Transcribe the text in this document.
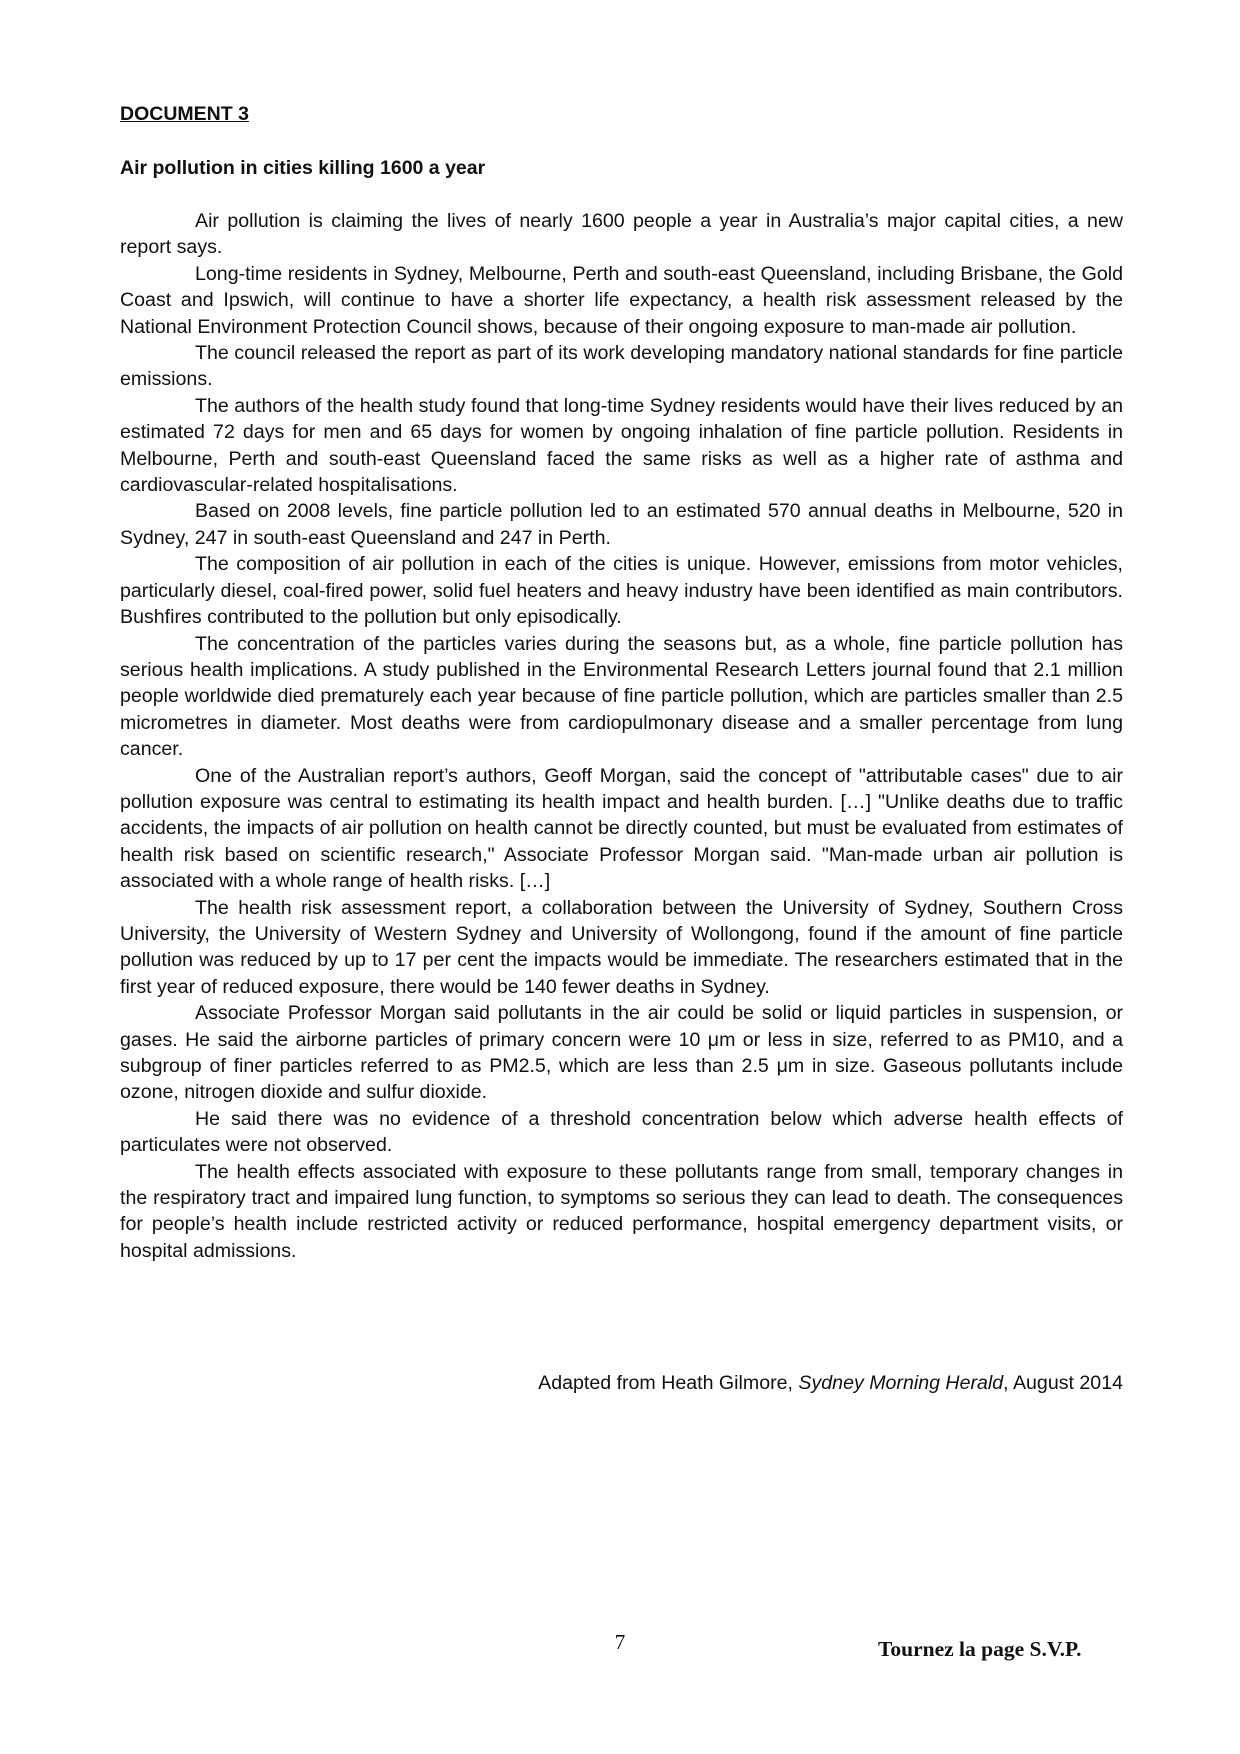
DOCUMENT 3
Air pollution in cities killing 1600 a year

Air pollution is claiming the lives of nearly 1600 people a year in Australia’s major capital cities, a new report says.

Long-time residents in Sydney, Melbourne, Perth and south-east Queensland, including Brisbane, the Gold Coast and Ipswich, will continue to have a shorter life expectancy, a health risk assessment released by the National Environment Protection Council shows, because of their ongoing exposure to man-made air pollution.

The council released the report as part of its work developing mandatory national standards for fine particle emissions.

The authors of the health study found that long-time Sydney residents would have their lives reduced by an estimated 72 days for men and 65 days for women by ongoing inhalation of fine particle pollution. Residents in Melbourne, Perth and south-east Queensland faced the same risks as well as a higher rate of asthma and cardiovascular-related hospitalisations.

Based on 2008 levels, fine particle pollution led to an estimated 570 annual deaths in Melbourne, 520 in Sydney, 247 in south-east Queensland and 247 in Perth.

The composition of air pollution in each of the cities is unique. However, emissions from motor vehicles, particularly diesel, coal-fired power, solid fuel heaters and heavy industry have been identified as main contributors. Bushfires contributed to the pollution but only episodically.

The concentration of the particles varies during the seasons but, as a whole, fine particle pollution has serious health implications. A study published in the Environmental Research Letters journal found that 2.1 million people worldwide died prematurely each year because of fine particle pollution, which are particles smaller than 2.5 micrometres in diameter. Most deaths were from cardiopulmonary disease and a smaller percentage from lung cancer.

One of the Australian report’s authors, Geoff Morgan, said the concept of "attributable cases" due to air pollution exposure was central to estimating its health impact and health burden. […] "Unlike deaths due to traffic accidents, the impacts of air pollution on health cannot be directly counted, but must be evaluated from estimates of health risk based on scientific research," Associate Professor Morgan said. "Man-made urban air pollution is associated with a whole range of health risks. […]

The health risk assessment report, a collaboration between the University of Sydney, Southern Cross University, the University of Western Sydney and University of Wollongong, found if the amount of fine particle pollution was reduced by up to 17 per cent the impacts would be immediate. The researchers estimated that in the first year of reduced exposure, there would be 140 fewer deaths in Sydney.

Associate Professor Morgan said pollutants in the air could be solid or liquid particles in suspension, or gases. He said the airborne particles of primary concern were 10 μm or less in size, referred to as PM10, and a subgroup of finer particles referred to as PM2.5, which are less than 2.5 μm in size. Gaseous pollutants include ozone, nitrogen dioxide and sulfur dioxide.

He said there was no evidence of a threshold concentration below which adverse health effects of particulates were not observed.

The health effects associated with exposure to these pollutants range from small, temporary changes in the respiratory tract and impaired lung function, to symptoms so serious they can lead to death. The consequences for people’s health include restricted activity or reduced performance, hospital emergency department visits, or hospital admissions.

Adapted from Heath Gilmore, Sydney Morning Herald, August 2014

7	Tournez la page S.V.P.
